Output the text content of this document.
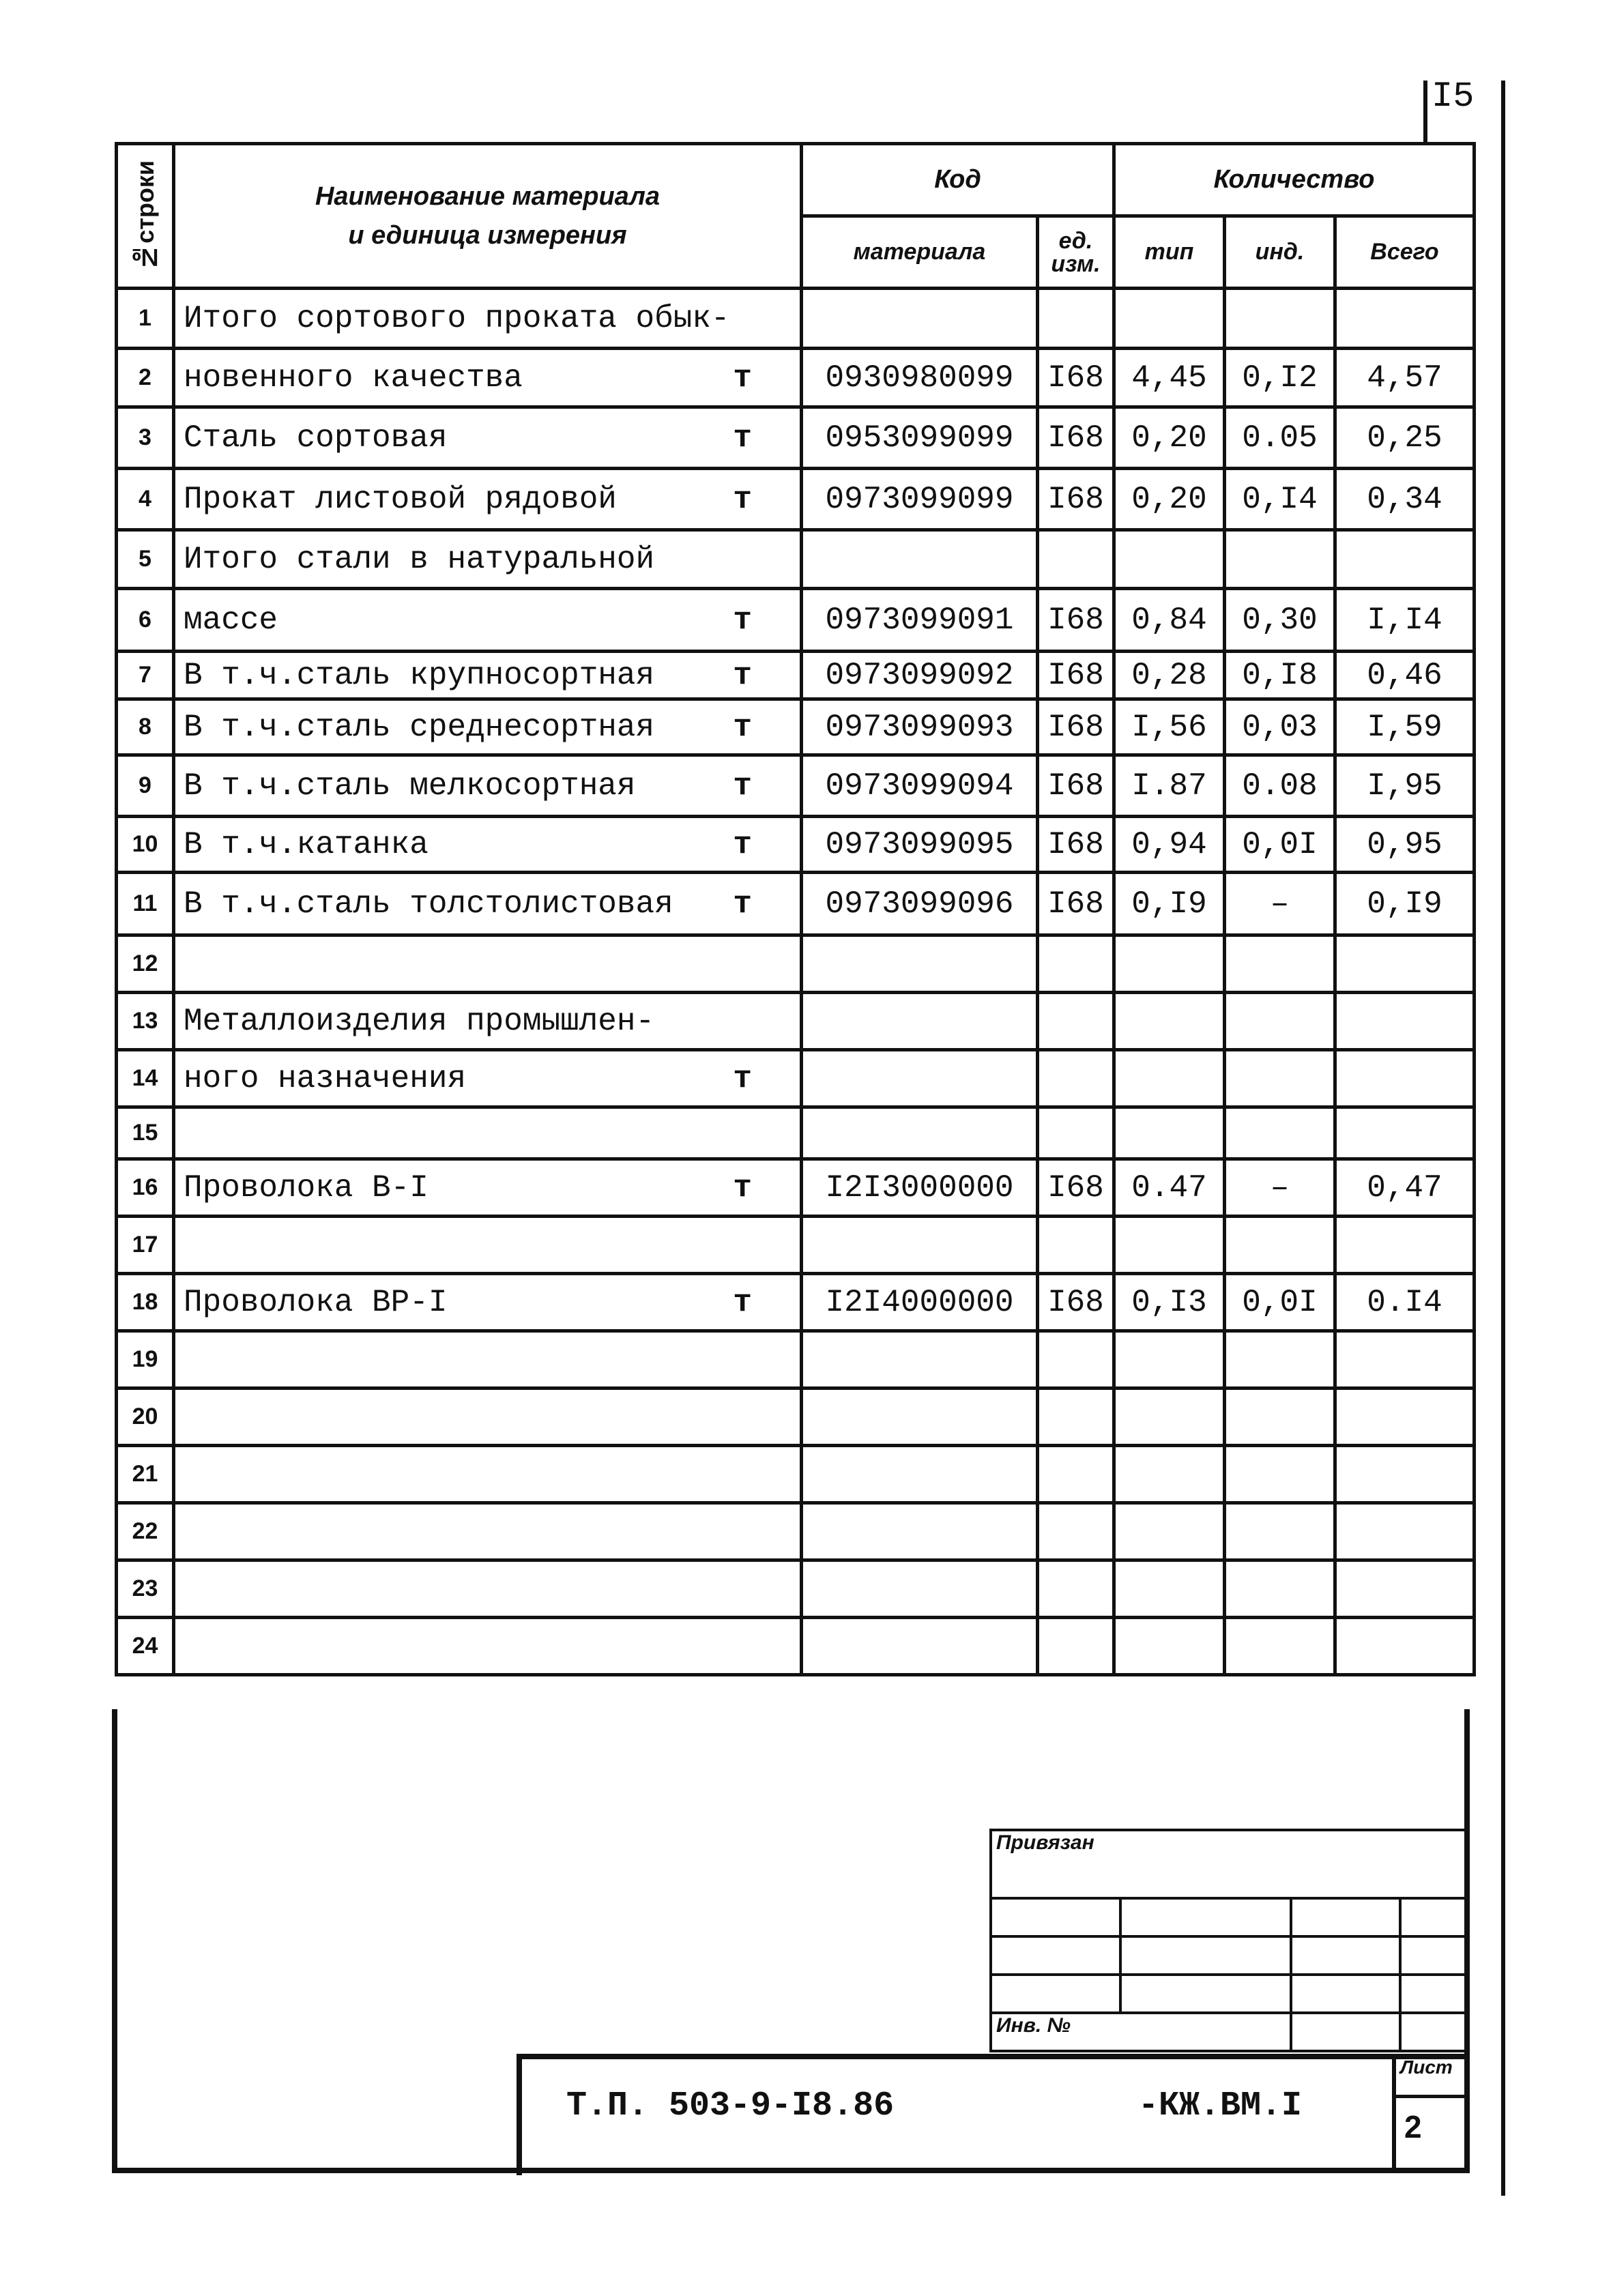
I5
№строки	Наименование материала
и единица измерения	Код		Количество		
		материала	ед. изм.	тип	инд.	Всего
1	Итого сортового проката обык-

2	новенного качества т	0930980099	I68	4,45	0,I2	4,57
3	Сталь сортовая т	0953099099	I68	0,20	0.05	0,25
4	Прокат листовой рядовой т	0973099099	I68	0,20	0,I4	0,34
5	Итого стали в натуральной

6	массе т	0973099091	I68	0,84	0,30	I,I4
7	В т.ч.сталь крупносортная т	0973099092	I68	0,28	0,I8	0,46
8	В т.ч.сталь среднесортная т	0973099093	I68	I,56	0,03	I,59
9	В т.ч.сталь мелкосортная т	0973099094	I68	I.87	0.08	I,95
10	В т.ч.катанка т	0973099095	I68	0,94	0,0I	0,95
11	В т.ч.сталь толстолистовая т	0973099096	I68	0,I9	–	0,I9
12	

13	Металлоизделия промышлен-

14	ного назначения т					

15	

16	Проволока В-I т	I2I3000000	I68	0.47	–	0,47
17	

18	Проволока ВР-I т	I2I4000000	I68	0,I3	0,0I	0.I4
19	

20	

21	

22	

23	

24	

Привязан			

Инв. №			
Т.П. 503-9-I8.86	-КЖ.ВМ.I
Лист
2
